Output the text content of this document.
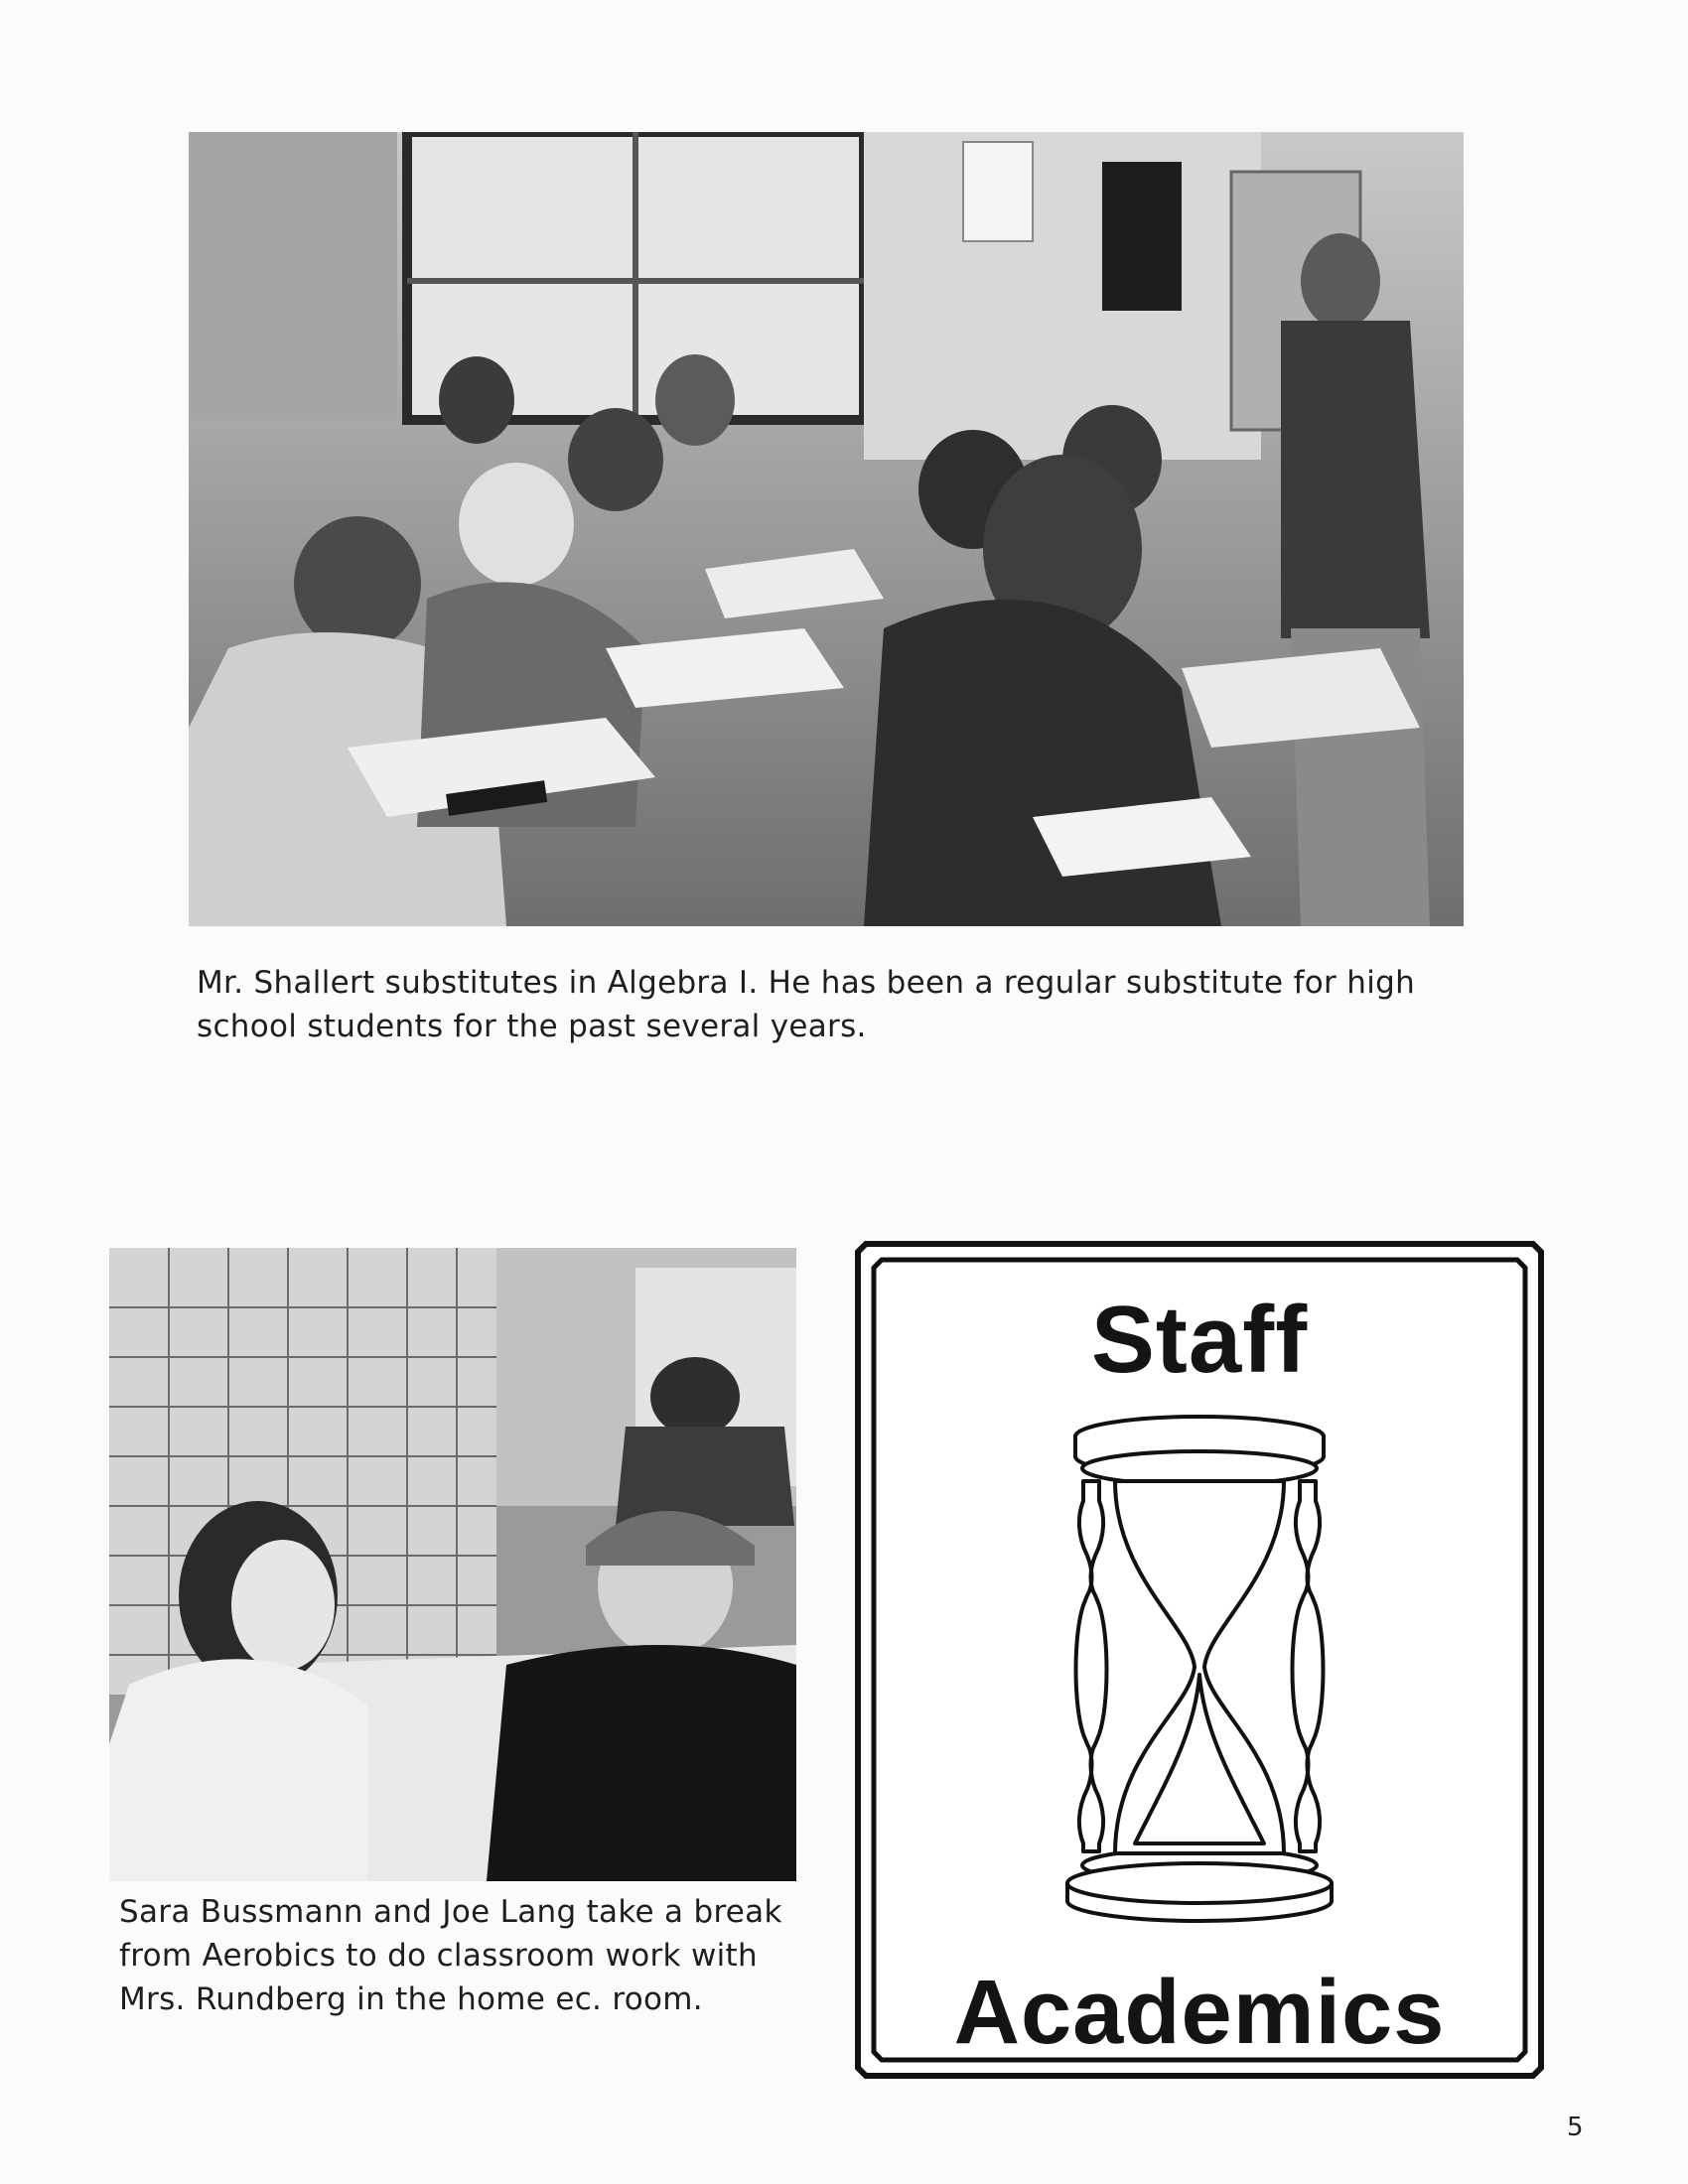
Mr. Shallert substitutes in Algebra I. He has been a regular substitute for high school students for the past several years.
Sara Bussmann and Joe Lang take a break from Aerobics to do classroom work with Mrs. Rundberg in the home ec. room.
Staff
Academics
5
